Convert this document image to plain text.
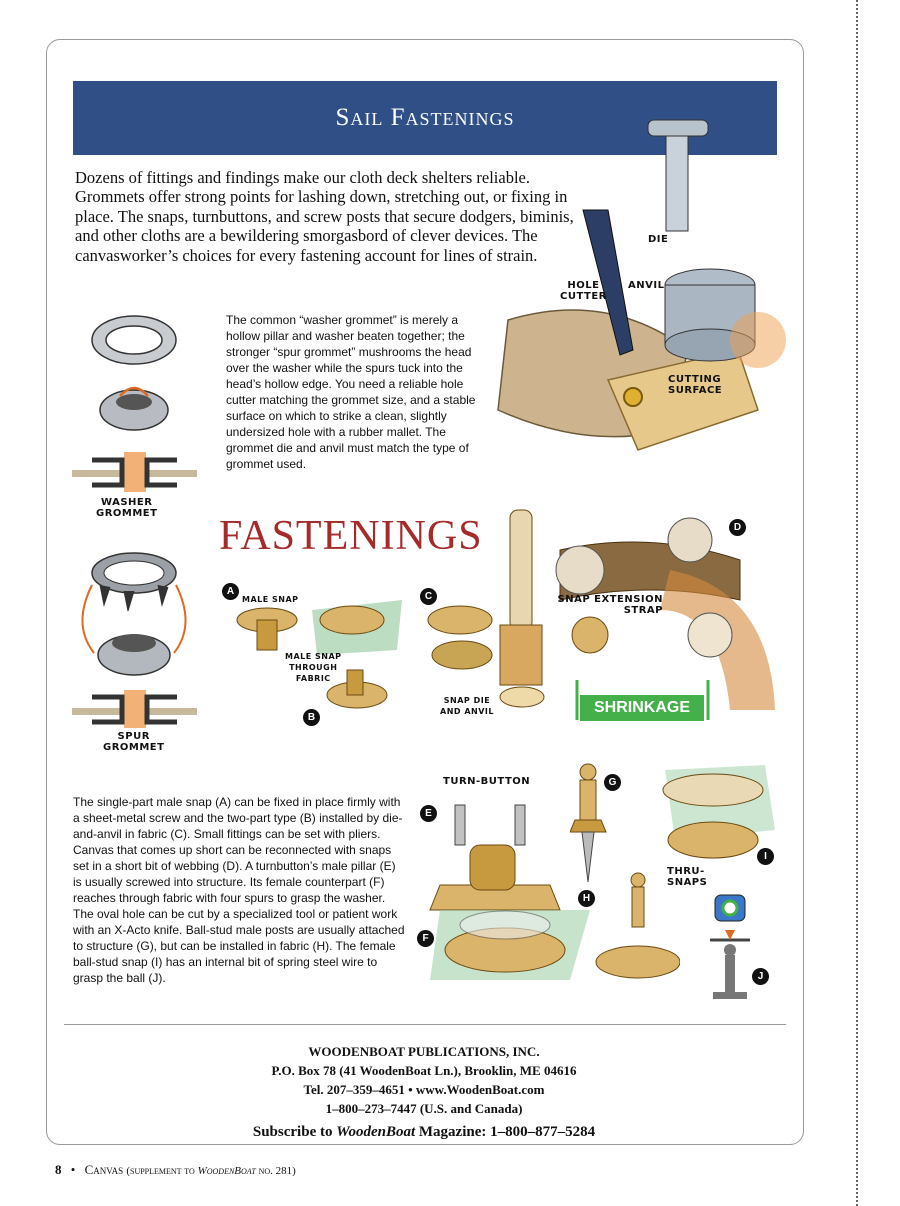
Sail Fastenings

Dozens of fittings and findings make our cloth deck shelters reliable. Grommets offer strong points for lashing down, stretching out, or fixing in place. The snaps, turnbuttons, and screw posts that secure dodgers, biminis, and other cloths are a bewildering smorgasbord of clever devices. The canvasworker’s choices for every fastening account for lines of strain.

DIE
HOLE
CUTTER
ANVIL
CUTTING
SURFACE
WASHER
GROMMET

The common “washer grommet” is merely a hollow pillar and washer beaten together; the stronger “spur grommet” mushrooms the head over the washer while the spurs tuck into the head’s hollow edge. You need a reliable hole cutter matching the grommet size, and a stable surface on which to strike a clean, slightly undersized hole with a rubber mallet. The grommet die and anvil must match the type of grommet used.

SPUR
GROMMET
FASTENINGS
SHRINKAGE
MALE SNAP
MALE SNAP
THROUGH
FABRIC
SNAP DIE
AND ANVIL
SNAP EXTENSION
STRAP
A
B
C
D

The single-part male snap (A) can be fixed in place firmly with a sheet-metal screw and the two-part type (B) installed by die-and-anvil in fabric (C). Small fittings can be set with pliers. Canvas that comes up short can be reconnected with snaps set in a short bit of webbing (D). A turnbutton’s male pillar (E) is usually screwed into structure. Its female counterpart (F) reaches through fabric with four spurs to grasp the washer. The oval hole can be cut by a specialized tool or patient work with an X-Acto knife. Ball-stud male posts are usually attached to structure (G), but can be installed in fabric (H). The female ball-stud snap (I) has an internal bit of spring steel wire to grasp the ball (J).

TURN-BUTTON
THRU-
SNAPS
E
F
G
H
I
J
WOODENBOAT PUBLICATIONS, INC.
P.O. Box 78 (41 WoodenBoat Ln.), Brooklin, ME 04616
Tel. 207–359–4651 • www.WoodenBoat.com
1–800–273–7447 (U.S. and Canada)
Subscribe to WoodenBoat Magazine: 1–800–877–5284
8 • Canvas (supplement to WoodenBoat no. 281)
